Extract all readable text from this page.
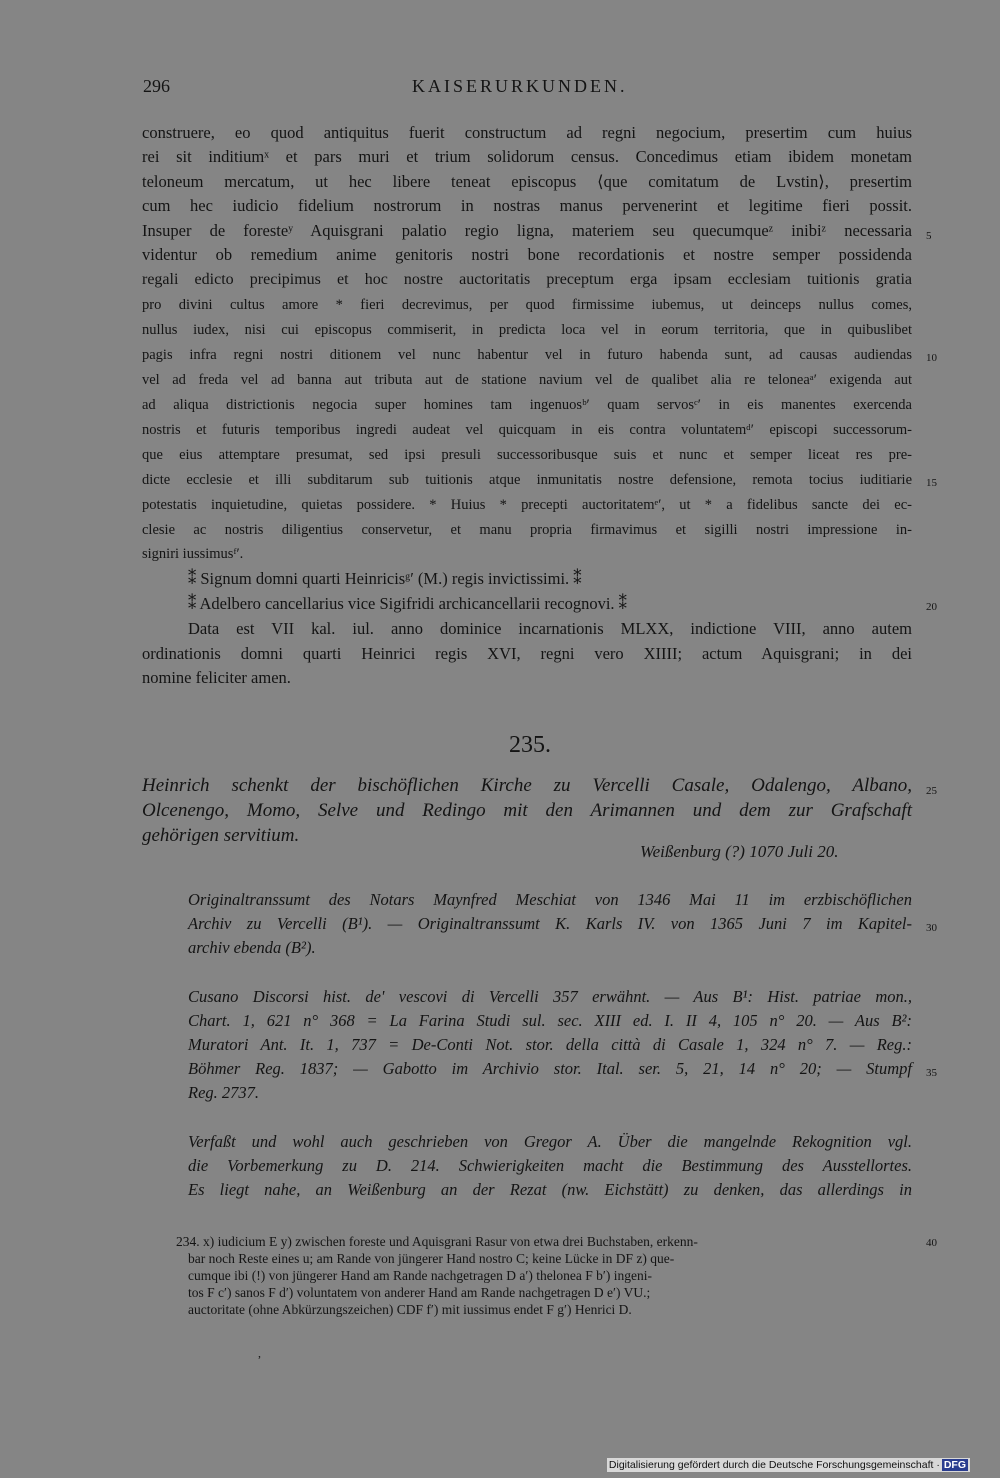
296	KAISERURKUNDEN.
construere, eo quod antiquitus fuerit constructum ad regni negocium, presertim cum huius
rei sit inditiumˣ et pars muri et trium solidorum census. Concedimus etiam ibidem monetam
teloneum mercatum, ut hec libere teneat episcopus ⟨que comitatum de Lvstin⟩, presertim
cum hec iudicio fidelium nostrorum in nostras manus pervenerint et legitime fieri possit.
Insuper de foresteʸ Aquisgrani palatio regio ligna, materiem seu quecumqueᶻ inibiᶻ necessaria
videntur ob remedium anime genitoris nostri bone recordationis et nostre semper possidenda
regali edicto precipimus et hoc nostre auctoritatis preceptum erga ipsam ecclesiam tuitionis gratia
pro divini cultus amore * fieri decrevimus, per quod firmissime iubemus, ut deinceps nullus comes,
nullus iudex, nisi cui episcopus commiserit, in predicta loca vel in eorum territoria, que in quibuslibet
pagis infra regni nostri ditionem vel nunc habentur vel in futuro habenda sunt, ad causas audiendas
vel ad freda vel ad banna aut tributa aut de statione navium vel de qualibet alia re teloneaᵃ′ exigenda aut
ad aliqua districtionis negocia super homines tam ingenuosᵇ′ quam servosᶜ′ in eis manentes exercenda
nostris et futuris temporibus ingredi audeat vel quicquam in eis contra voluntatemᵈ′ episcopi successorum-
que eius attemptare presumat, sed ipsi presuli successoribusque suis et nunc et semper liceat res pre-
dicte ecclesie et illi subditarum sub tuitionis atque inmunitatis nostre defensione, remota tocius iuditiarie
potestatis inquietudine, quietas possidere. * Huius * precepti auctoritatemᵉ′, ut * a fidelibus sancte dei ec-
clesie ac nostris diligentius conservetur, et manu propria firmavimus et sigilli nostri impressione in-
signiri iussimusᶠ′.
⁑ Signum domni quarti Heinricisᵍ′ (M.) regis invictissimi. ⁑
⁑ Adelbero cancellarius vice Sigifridi archicancellarii recognovi. ⁑
Data est VII kal. iul. anno dominice incarnationis MLXX, indictione VIII, anno autem
ordinationis domni quarti Heinrici regis XVI, regni vero XIIII; actum Aquisgrani; in dei
nomine feliciter amen.
235.
Heinrich schenkt der bischöflichen Kirche zu Vercelli Casale, Odalengo, Albano,
Olcenengo, Momo, Selve und Redingo mit den Arimannen und dem zur Grafschaft
gehörigen servitium.
Weißenburg (?) 1070 Juli 20.
Originaltranssumt des Notars Maynfred Meschiat von 1346 Mai 11 im erzbischöflichen
Archiv zu Vercelli (B¹). — Originaltranssumt K. Karls IV. von 1365 Juni 7 im Kapitel-
archiv ebenda (B²).
Cusano Discorsi hist. de' vescovi di Vercelli 357 erwähnt. — Aus B¹: Hist. patriae mon.,
Chart. 1, 621 n° 368 = La Farina Studi sul. sec. XIII ed. I. II 4, 105 n° 20. — Aus B²:
Muratori Ant. It. 1, 737 = De-Conti Not. stor. della città di Casale 1, 324 n° 7. — Reg.:
Böhmer Reg. 1837; — Gabotto im Archivio stor. Ital. ser. 5, 21, 14 n° 20; — Stumpf
Reg. 2737.
Verfaßt und wohl auch geschrieben von Gregor A. Über die mangelnde Rekognition vgl.
die Vorbemerkung zu D. 214. Schwierigkeiten macht die Bestimmung des Ausstellortes.
Es liegt nahe, an Weißenburg an der Rezat (nw. Eichstätt) zu denken, das allerdings in
234. x) iudicium E y) zwischen foreste und Aquisgrani Rasur von etwa drei Buchstaben, erkenn-
bar noch Reste eines u; am Rande von jüngerer Hand nostro C; keine Lücke in DF z) que-
cumque ibi (!) von jüngerer Hand am Rande nachgetragen D a′) thelonea F b′) ingeni-
tos F c′) sanos F d′) voluntatem von anderer Hand am Rande nachgetragen D e′) VU.;
auctoritate (ohne Abkürzungszeichen) CDF f′) mit iussimus endet F g′) Henrici D.
5
10
15
20
25
30
35
40
,
Digitalisierung gefördert durch die Deutsche Forschungsgemeinschaft · DFG
